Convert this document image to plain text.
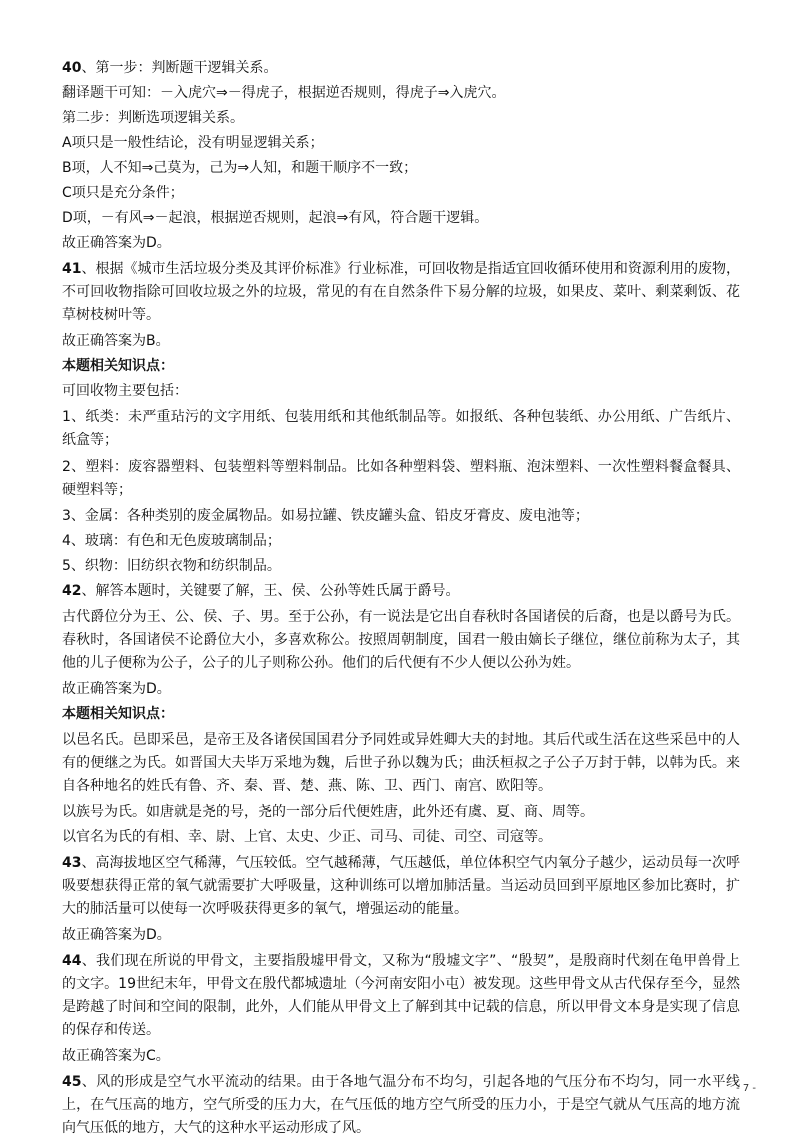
40、第一步：判断题干逻辑关系。

翻译题干可知：－入虎穴⇒－得虎子，根据逆否规则，得虎子⇒入虎穴。

第二步：判断选项逻辑关系。

A项只是一般性结论，没有明显逻辑关系；

B项，人不知⇒己莫为，己为⇒人知，和题干顺序不一致；

C项只是充分条件；

D项，－有风⇒－起浪，根据逆否规则，起浪⇒有风，符合题干逻辑。

故正确答案为D。

41、根据《城市生活垃圾分类及其评价标准》行业标准，可回收物是指适宜回收循环使用和资源利用的废物，不可回收物指除可回收垃圾之外的垃圾，常见的有在自然条件下易分解的垃圾，如果皮、菜叶、剩菜剩饭、花草树枝树叶等。

故正确答案为B。

本题相关知识点：

可回收物主要包括：

1、纸类：未严重玷污的文字用纸、包装用纸和其他纸制品等。如报纸、各种包装纸、办公用纸、广告纸片、纸盒等；

2、塑料：废容器塑料、包装塑料等塑料制品。比如各种塑料袋、塑料瓶、泡沫塑料、一次性塑料餐盒餐具、硬塑料等；

3、金属：各种类别的废金属物品。如易拉罐、铁皮罐头盒、铅皮牙膏皮、废电池等；

4、玻璃：有色和无色废玻璃制品；

5、织物：旧纺织衣物和纺织制品。

42、解答本题时，关键要了解，王、侯、公孙等姓氏属于爵号。

古代爵位分为王、公、侯、子、男。至于公孙，有一说法是它出自春秋时各国诸侯的后裔，也是以爵号为氏。春秋时，各国诸侯不论爵位大小，多喜欢称公。按照周朝制度，国君一般由嫡长子继位，继位前称为太子，其他的儿子便称为公子，公子的儿子则称公孙。他们的后代便有不少人便以公孙为姓。

故正确答案为D。

本题相关知识点：

以邑名氏。邑即采邑，是帝王及各诸侯国国君分予同姓或异姓卿大夫的封地。其后代或生活在这些采邑中的人有的便继之为氏。如晋国大夫毕万采地为魏，后世子孙以魏为氏；曲沃桓叔之子公子万封于韩，以韩为氏。来自各种地名的姓氏有鲁、齐、秦、晋、楚、燕、陈、卫、西门、南宫、欧阳等。

以族号为氏。如唐就是尧的号，尧的一部分后代便姓唐，此外还有虞、夏、商、周等。

以官名为氏的有相、幸、尉、上官、太史、少正、司马、司徒、司空、司寇等。

43、高海拔地区空气稀薄，气压较低。空气越稀薄，气压越低，单位体积空气内氧分子越少，运动员每一次呼吸要想获得正常的氧气就需要扩大呼吸量，这种训练可以增加肺活量。当运动员回到平原地区参加比赛时，扩大的肺活量可以使每一次呼吸获得更多的氧气，增强运动的能量。

故正确答案为D。

44、我们现在所说的甲骨文，主要指殷墟甲骨文，又称为“殷墟文字”、“殷契”，是殷商时代刻在龟甲兽骨上的文字。19世纪末年，甲骨文在殷代都城遗址（今河南安阳小屯）被发现。这些甲骨文从古代保存至今，显然是跨越了时间和空间的限制，此外，人们能从甲骨文上了解到其中记载的信息，所以甲骨文本身是实现了信息的保存和传送。

故正确答案为C。

45、风的形成是空气水平流动的结果。由于各地气温分布不均匀，引起各地的气压分布不均匀，同一水平线上，在气压高的地方，空气所受的压力大，在气压低的地方空气所受的压力小，于是空气就从气压高的地方流向气压低的地方，大气的这种水平运动形成了风。

- 7 -
